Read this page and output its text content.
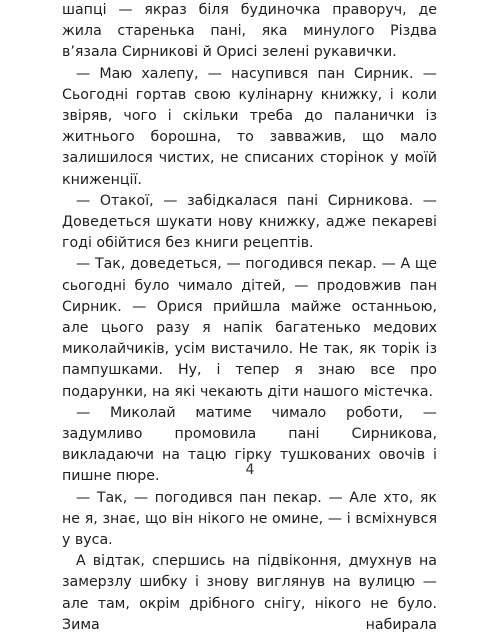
шапці — якраз біля будиночка праворуч, де жила старенька пані, яка минулого Різдва в’язала Сирникові й Орисі зелені рукавички.

— Маю халепу, — насупився пан Сирник. — Сьогодні гортав свою кулінарну книжку, і коли звіряв, чого і скільки треба до паланички із житнього борошна, то завважив, що мало залишилося чистих, не списаних сторінок у моїй книженції.

— Отакої, — забідкалася пані Сирникова. — Доведеться шукати нову книжку, адже пекареві годі обійтися без книги рецептів.

— Так, доведеться, — погодився пекар. — А ще сьогодні було чимало дітей, — продовжив пан Сирник. — Орися прийшла майже останньою, але цього разу я напік багатенько медових миколайчиків, усім вистачило. Не так, як торік із пампушками. Ну, і тепер я знаю все про подарунки, на які чекають діти нашого містечка.

— Миколай матиме чимало роботи, — задумливо промовила пані Сирникова, викладаючи на тацю гірку тушкованих овочів і пишне пюре.

— Так, — погодився пан пекар. — Але хто, як не я, знає, що він нікого не омине, — і всміхнувся у вуса.

А відтак, спершись на підвіконня, дмухнув на замерзлу шибку і знову виглянув на вулицю — але там, окрім дрібного снігу, нікого не було. Зима набирала

4
